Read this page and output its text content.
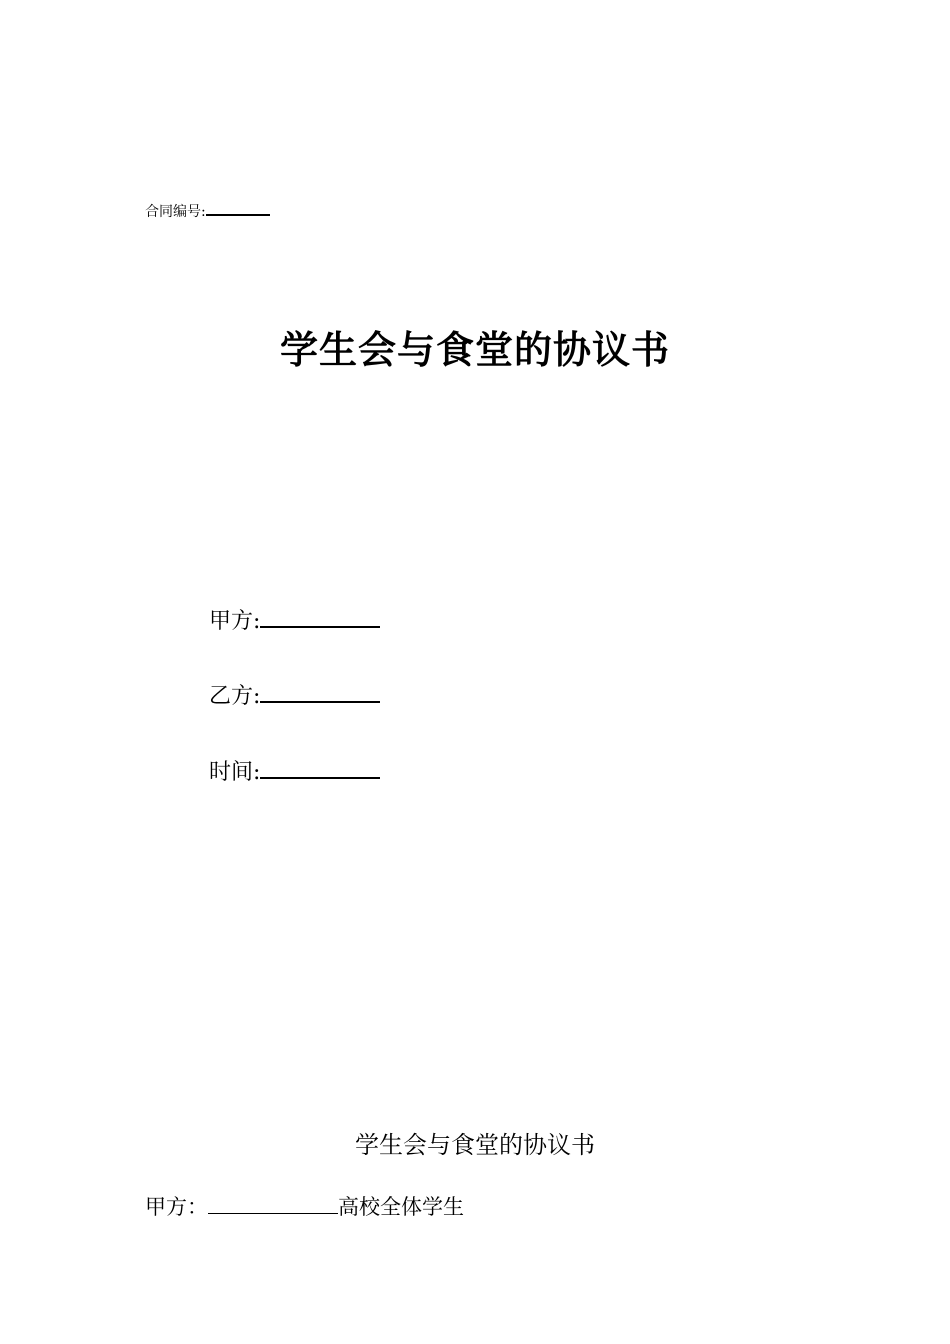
合同编号:
学生会与食堂的协议书
甲方:
乙方:
时间:
学生会与食堂的协议书
甲方：	高校全体学生
